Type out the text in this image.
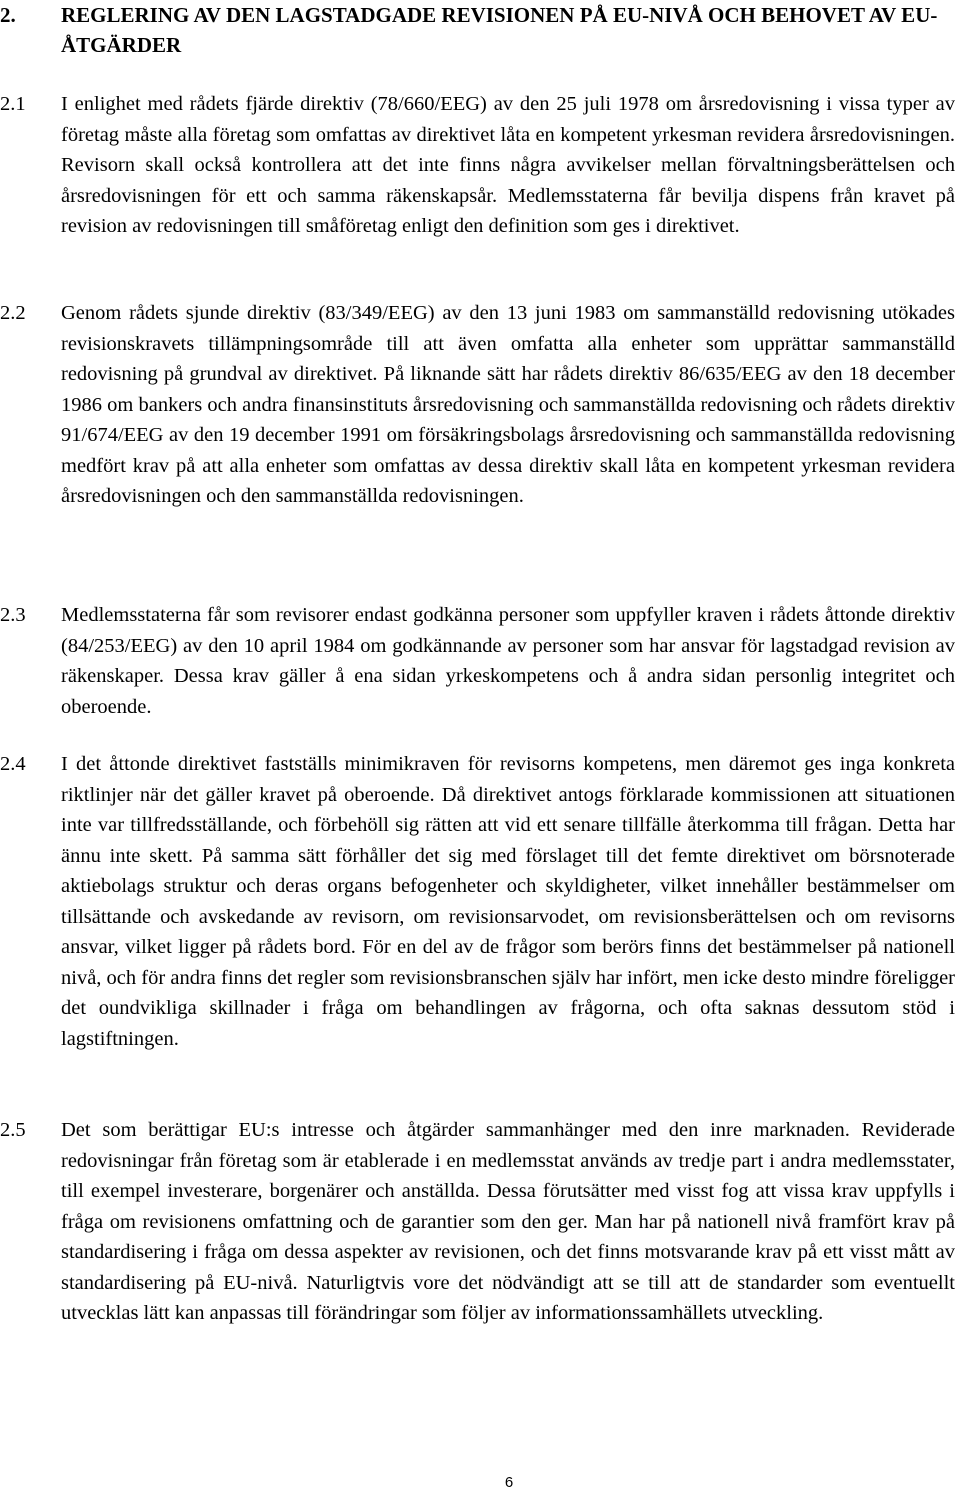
2. REGLERING AV DEN LAGSTADGADE REVISIONEN PÅ EU-NIVÅ OCH BEHOVET AV EU-ÅTGÄRDER
2.1 I enlighet med rådets fjärde direktiv (78/660/EEG) av den 25 juli 1978 om årsredovisning i vissa typer av företag måste alla företag som omfattas av direktivet låta en kompetent yrkesman revidera årsredovisningen. Revisorn skall också kontrollera att det inte finns några avvikelser mellan förvaltningsberättelsen och årsredovisningen för ett och samma räkenskapsår. Medlemsstaterna får bevilja dispens från kravet på revision av redovisningen till småföretag enligt den definition som ges i direktivet.
2.2 Genom rådets sjunde direktiv (83/349/EEG) av den 13 juni 1983 om sammanställd redovisning utökades revisionskravets tillämpningsområde till att även omfatta alla enheter som upprättar sammanställd redovisning på grundval av direktivet. På liknande sätt har rådets direktiv 86/635/EEG av den 18 december 1986 om bankers och andra finansinstituts årsredovisning och sammanställda redovisning och rådets direktiv 91/674/EEG av den 19 december 1991 om försäkringsbolags årsredovisning och sammanställda redovisning medfört krav på att alla enheter som omfattas av dessa direktiv skall låta en kompetent yrkesman revidera årsredovisningen och den sammanställda redovisningen.
2.3 Medlemsstaterna får som revisorer endast godkänna personer som uppfyller kraven i rådets åttonde direktiv (84/253/EEG) av den 10 april 1984 om godkännande av personer som har ansvar för lagstadgad revision av räkenskaper. Dessa krav gäller å ena sidan yrkeskompetens och å andra sidan personlig integritet och oberoende.
2.4 I det åttonde direktivet fastställs minimikraven för revisorns kompetens, men däremot ges inga konkreta riktlinjer när det gäller kravet på oberoende. Då direktivet antogs förklarade kommissionen att situationen inte var tillfredsställande, och förbehöll sig rätten att vid ett senare tillfälle återkomma till frågan. Detta har ännu inte skett. På samma sätt förhåller det sig med förslaget till det femte direktivet om börsnoterade aktiebolags struktur och deras organs befogenheter och skyldigheter, vilket innehåller bestämmelser om tillsättande och avskedande av revisorn, om revisionsarvodet, om revisionsberättelsen och om revisorns ansvar, vilket ligger på rådets bord. För en del av de frågor som berörs finns det bestämmelser på nationell nivå, och för andra finns det regler som revisionsbranschen själv har infört, men icke desto mindre föreligger det oundvikliga skillnader i fråga om behandlingen av frågorna, och ofta saknas dessutom stöd i lagstiftningen.
2.5 Det som berättigar EU:s intresse och åtgärder sammanhänger med den inre marknaden. Reviderade redovisningar från företag som är etablerade i en medlemsstat används av tredje part i andra medlemsstater, till exempel investerare, borgenärer och anställda. Dessa förutsätter med visst fog att vissa krav uppfylls i fråga om revisionens omfattning och de garantier som den ger. Man har på nationell nivå framfört krav på standardisering i fråga om dessa aspekter av revisionen, och det finns motsvarande krav på ett visst mått av standardisering på EU-nivå. Naturligtvis vore det nödvändigt att se till att de standarder som eventuellt utvecklas lätt kan anpassas till förändringar som följer av informationssamhällets utveckling.
6
